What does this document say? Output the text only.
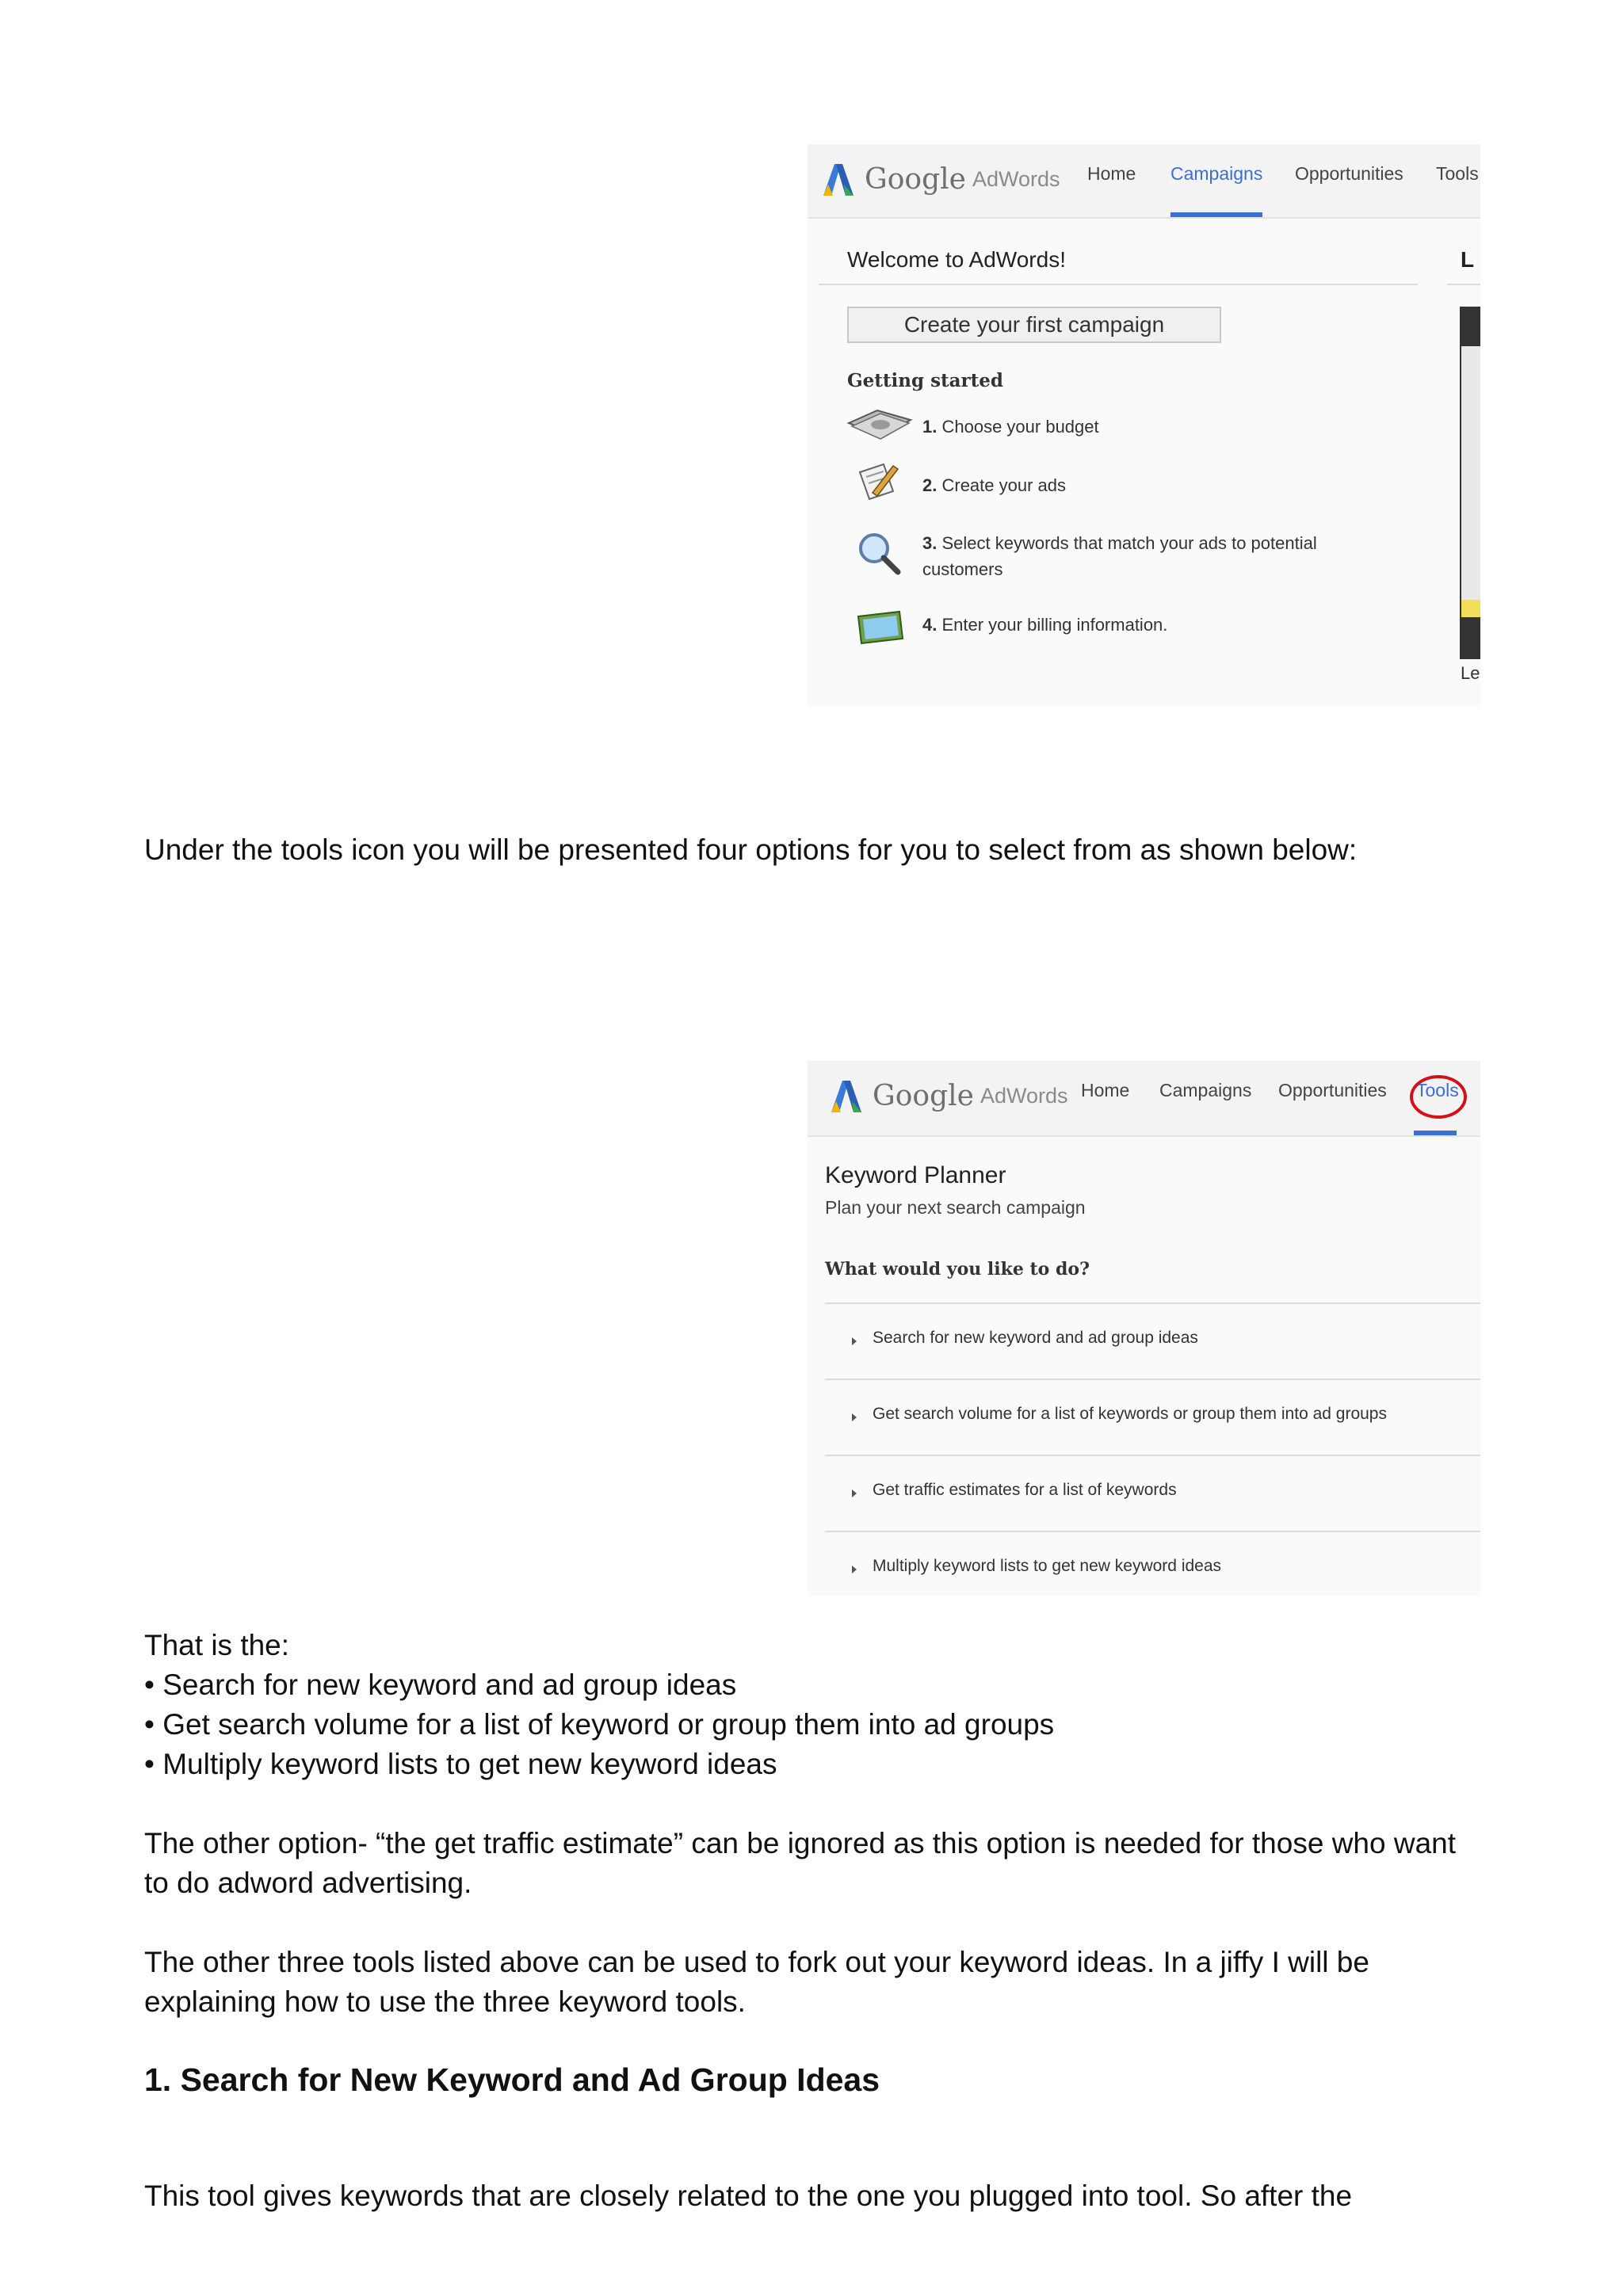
Google AdWords Home Campaigns Opportunities Tools
Welcome to AdWords!
Create your first campaign
Getting started
1. Choose your budget
2. Create your ads
3. Select keywords that match your ads to potential customers
4. Enter your billing information.
L
Le
Under the tools icon you will be presented four options for you to select from as shown below:
Google AdWords Home Campaigns Opportunities Tools
Keyword Planner
Plan your next search campaign
What would you like to do?
Search for new keyword and ad group ideas
Get search volume for a list of keywords or group them into ad groups
Get traffic estimates for a list of keywords
Multiply keyword lists to get new keyword ideas
That is the:
• Search for new keyword and ad group ideas
• Get search volume for a list of keyword or group them into ad groups
• Multiply keyword lists to get new keyword ideas
The other option- “the get traffic estimate” can be ignored as this option is needed for those who want to do adword advertising.
The other three tools listed above can be used to fork out your keyword ideas. In a jiffy I will be explaining how to use the three keyword tools.
1. Search for New Keyword and Ad Group Ideas
This tool gives keywords that are closely related to the one you plugged into tool. So after the
